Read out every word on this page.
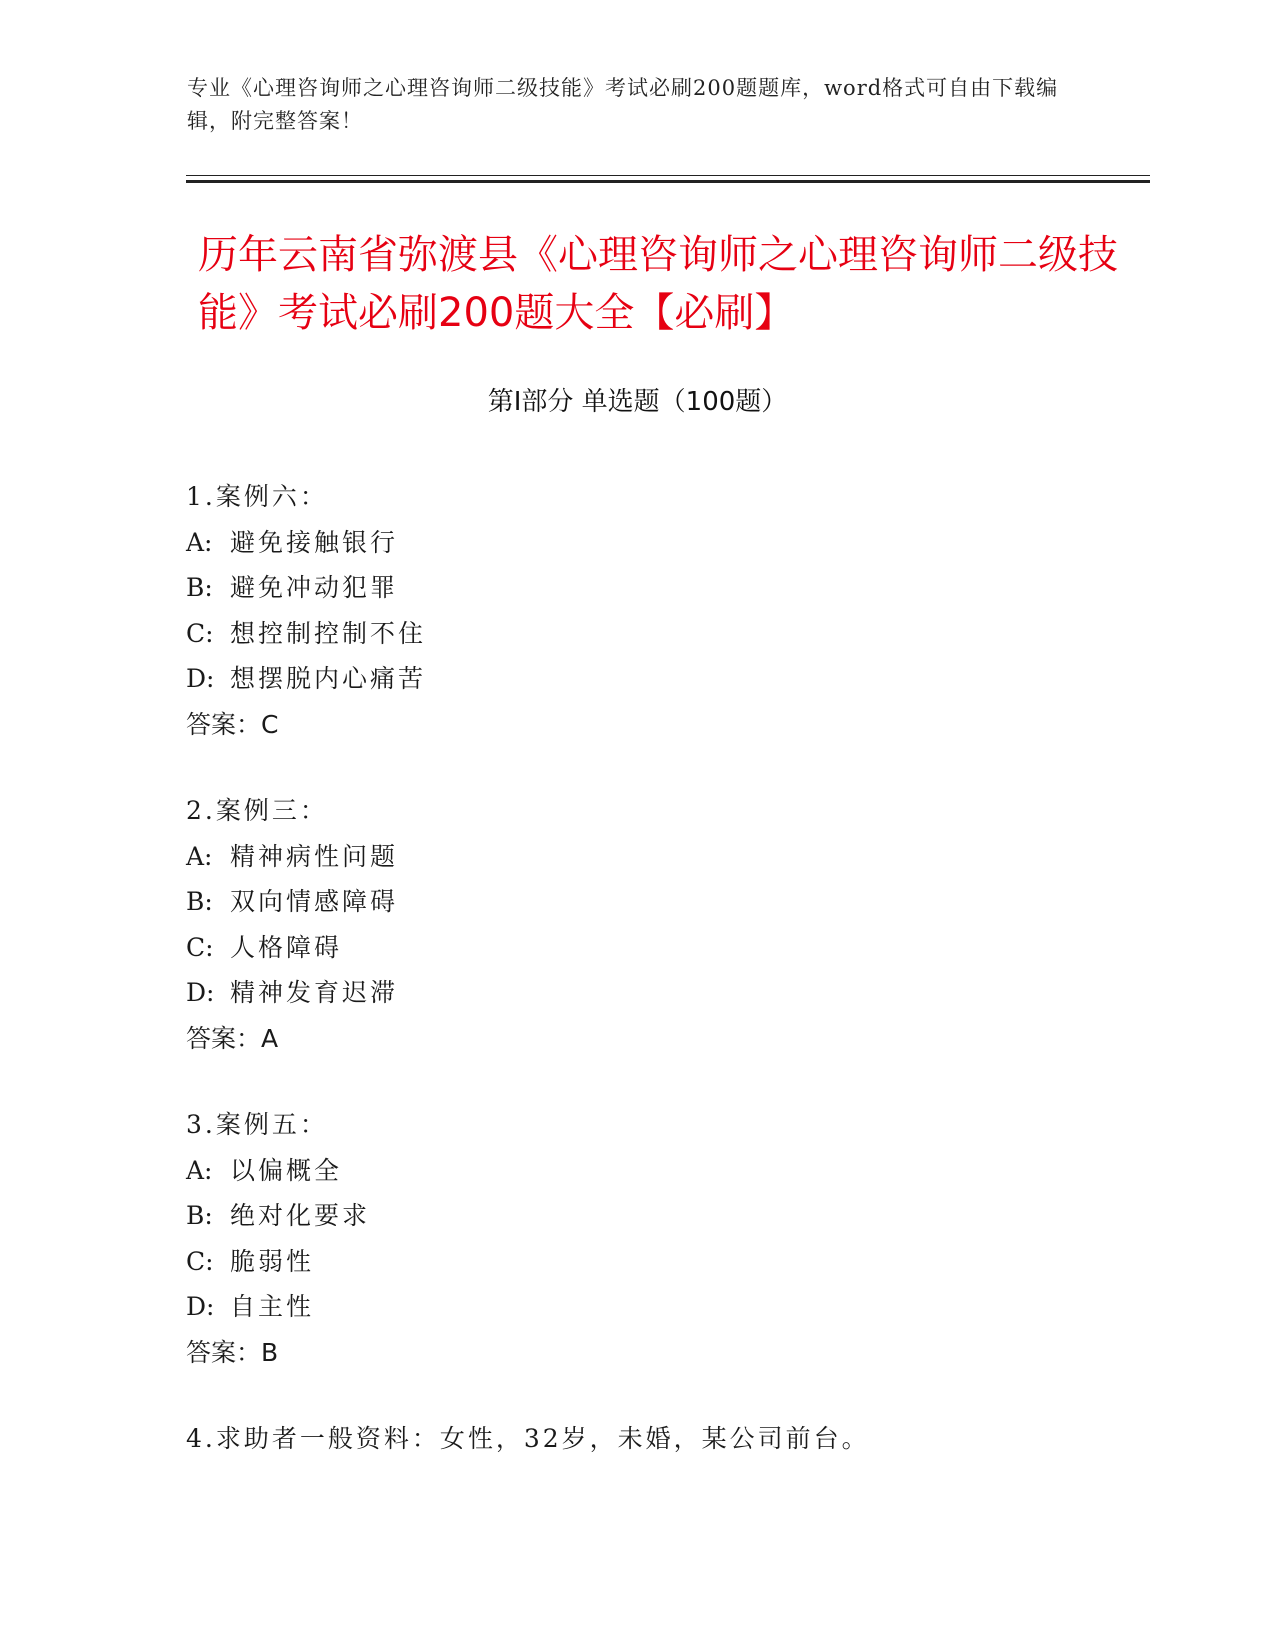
专业《心理咨询师之心理咨询师二级技能》考试必刷200题题库，word格式可自由下载编辑，附完整答案！
历年云南省弥渡县《心理咨询师之心理咨询师二级技能》考试必刷200题大全【必刷】
第Ⅰ部分 单选题（100题）
1.案例六：
A: 避免接触银行
B: 避免冲动犯罪
C: 想控制控制不住
D: 想摆脱内心痛苦
答案：C
2.案例三：
A: 精神病性问题
B: 双向情感障碍
C: 人格障碍
D: 精神发育迟滞
答案：A
3.案例五：
A: 以偏概全
B: 绝对化要求
C: 脆弱性
D: 自主性
答案：B
4.求助者一般资料：女性，32岁，未婚，某公司前台。
